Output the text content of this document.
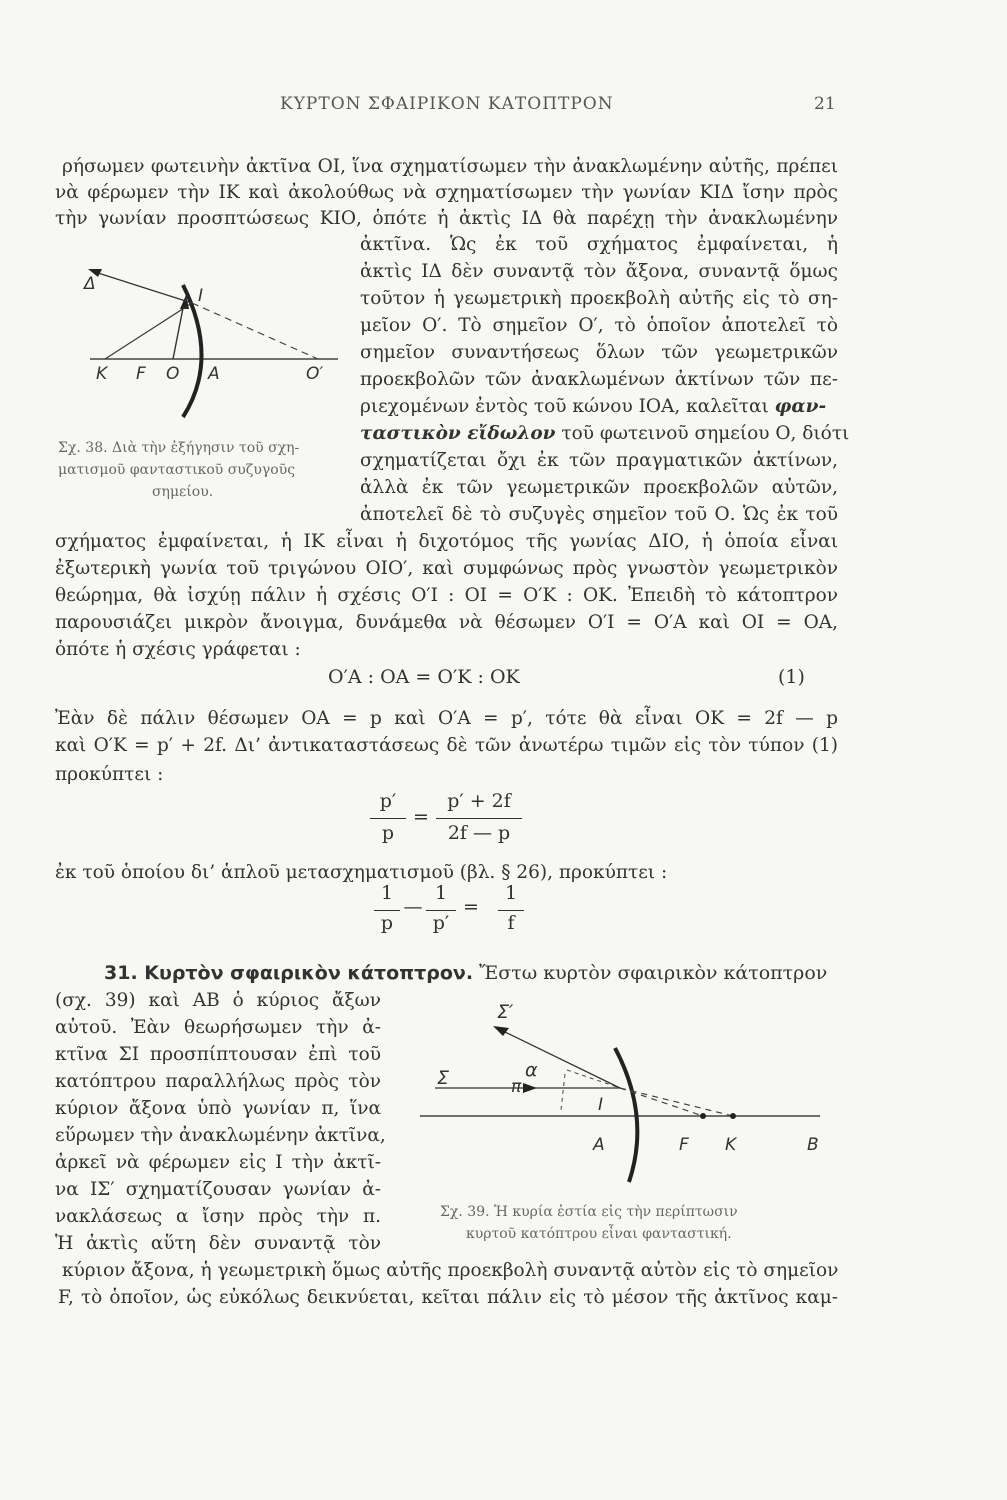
ΚΥΡΤΟΝ ΣΦΑΙΡΙΚΟΝ ΚΑΤΟΠΤΡΟΝ	21
ρήσωμεν φωτεινὴν ἀκτῖνα ΟΙ, ἵνα σχηματίσωμεν τὴν ἀνακλωμένην αὐτῆς, πρέπει
νὰ φέρωμεν τὴν ΙΚ καὶ ἀκολούθως νὰ σχηματίσωμεν τὴν γωνίαν ΚΙΔ ἴσην πρὸς
τὴν γωνίαν προσπτώσεως ΚΙΟ, ὁπότε ἡ ἀκτὶς ΙΔ θὰ παρέχῃ τὴν ἀνακλωμένην
ἀκτῖνα. Ὡς ἐκ τοῦ σχήματος ἐμφαίνεται, ἡ
ἀκτὶς ΙΔ δὲν συναντᾷ τὸν ἄξονα, συναντᾷ ὅμως
τοῦτον ἡ γεωμετρικὴ προεκβολὴ αὐτῆς εἰς τὸ ση-
μεῖον Ο′. Τὸ σημεῖον Ο′, τὸ ὁποῖον ἀποτελεῖ τὸ
σημεῖον συναντήσεως ὅλων τῶν γεωμετρικῶν
προεκβολῶν τῶν ἀνακλωμένων ἀκτίνων τῶν πε-
ριεχομένων ἐντὸς τοῦ κώνου ΙΟΑ, καλεῖται φαν-
ταστικὸν εἴδωλον τοῦ φωτεινοῦ σημείου Ο, διότι
σχηματίζεται ὄχι ἐκ τῶν πραγματικῶν ἀκτίνων,
ἀλλὰ ἐκ τῶν γεωμετρικῶν προεκβολῶν αὐτῶν,
ἀποτελεῖ δὲ τὸ συζυγὲς σημεῖον τοῦ Ο. Ὡς ἐκ τοῦ
Δ
I
K F O A	O′
Σχ. 38. Διὰ τὴν ἐξήγησιν τοῦ σχη-
ματισμοῦ φανταστικοῦ συζυγοῦς
σημείου.
σχήματος ἐμφαίνεται, ἡ ΙΚ εἶναι ἡ διχοτόμος τῆς γωνίας ΔΙΟ, ἡ ὁποία εἶναι
ἐξωτερικὴ γωνία τοῦ τριγώνου ΟΙΟ′, καὶ συμφώνως πρὸς γνωστὸν γεωμετρικὸν
θεώρημα, θὰ ἰσχύῃ πάλιν ἡ σχέσις Ο′Ι : ΟΙ = Ο′Κ : ΟΚ. Ἐπειδὴ τὸ κάτοπτρον
παρουσιάζει μικρὸν ἄνοιγμα, δυνάμεθα νὰ θέσωμεν Ο′Ι = Ο′Α καὶ ΟΙ = ΟΑ,
ὁπότε ἡ σχέσις γράφεται :
Ο′Α : ΟΑ = Ο′Κ : ΟΚ	(1)
Ἐὰν δὲ πάλιν θέσωμεν ΟΑ = p καὶ Ο′Α = p′, τότε θὰ εἶναι ΟΚ = 2f — p
καὶ Ο′Κ = p′ + 2f. Δι’ ἀντικαταστάσεως δὲ τῶν ἀνωτέρω τιμῶν εἰς τὸν τύπον (1)
προκύπτει :
p′
p
=
p′ + 2f
2f — p
ἐκ τοῦ ὁποίου δι’ ἁπλοῦ μετασχηματισμοῦ (βλ. § 26), προκύπτει :
1
p
—
1
p′
=
1
f
31. Κυρτὸν σφαιρικὸν κάτοπτρον. Ἔστω κυρτὸν σφαιρικὸν κάτοπτρον
(σχ. 39) καὶ ΑΒ ὁ κύριος ἄξων
αὐτοῦ. Ἐὰν θεωρήσωμεν τὴν ἀ-
κτῖνα ΣΙ προσπίπτουσαν ἐπὶ τοῦ
κατόπτρου παραλλήλως πρὸς τὸν
κύριον ἄξονα ὑπὸ γωνίαν π, ἵνα
εὕρωμεν τὴν ἀνακλωμένην ἀκτῖνα,
ἀρκεῖ νὰ φέρωμεν εἰς Ι τὴν ἀκτῖ-
να ΙΣ′ σχηματίζουσαν γωνίαν ἀ-
νακλάσεως α ἴσην πρὸς τὴν π.
Ἡ ἀκτὶς αὕτη δὲν συναντᾷ τὸν
Σ′
Σ	α
π
I
A	F K	B
Σχ. 39. Ἡ κυρία ἑστία εἰς τὴν περίπτωσιν
κυρτοῦ κατόπτρου εἶναι φανταστική.
κύριον ἄξονα, ἡ γεωμετρικὴ ὅμως αὐτῆς προεκβολὴ συναντᾷ αὐτὸν εἰς τὸ σημεῖον
F, τὸ ὁποῖον, ὡς εὐκόλως δεικνύεται, κεῖται πάλιν εἰς τὸ μέσον τῆς ἀκτῖνος καμ-
